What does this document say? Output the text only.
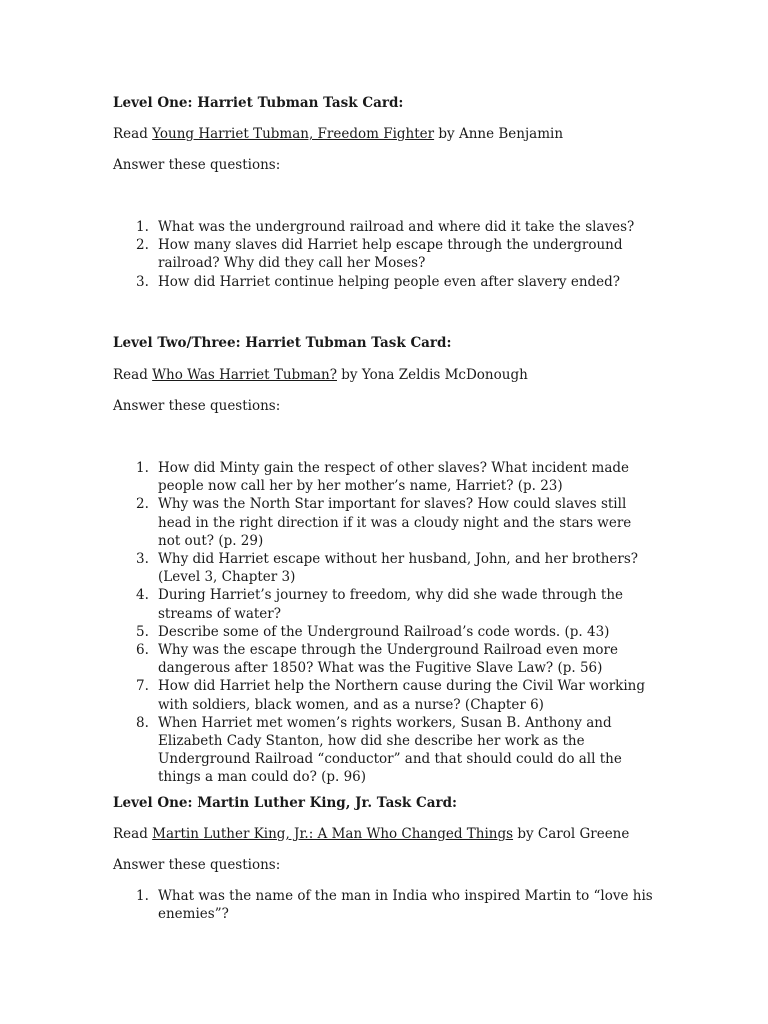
Level One: Harriet Tubman Task Card:

Read Young Harriet Tubman, Freedom Fighter by Anne Benjamin

Answer these questions:

1. What was the underground railroad and where did it take the slaves?
2. How many slaves did Harriet help escape through the underground railroad? Why did they call her Moses?
3. How did Harriet continue helping people even after slavery ended?

Level Two/Three: Harriet Tubman Task Card:

Read Who Was Harriet Tubman? by Yona Zeldis McDonough

Answer these questions:

1. How did Minty gain the respect of other slaves? What incident made people now call her by her mother’s name, Harriet? (p. 23)
2. Why was the North Star important for slaves? How could slaves still head in the right direction if it was a cloudy night and the stars were not out? (p. 29)
3. Why did Harriet escape without her husband, John, and her brothers? (Level 3, Chapter 3)
4. During Harriet’s journey to freedom, why did she wade through the streams of water?
5. Describe some of the Underground Railroad’s code words. (p. 43)
6. Why was the escape through the Underground Railroad even more dangerous after 1850? What was the Fugitive Slave Law? (p. 56)
7. How did Harriet help the Northern cause during the Civil War working with soldiers, black women, and as a nurse? (Chapter 6)
8. When Harriet met women’s rights workers, Susan B. Anthony and Elizabeth Cady Stanton, how did she describe her work as the Underground Railroad “conductor” and that should could do all the things a man could do? (p. 96)

Level One: Martin Luther King, Jr. Task Card:

Read Martin Luther King, Jr.: A Man Who Changed Things by Carol Greene

Answer these questions:

1. What was the name of the man in India who inspired Martin to “love his enemies”?
